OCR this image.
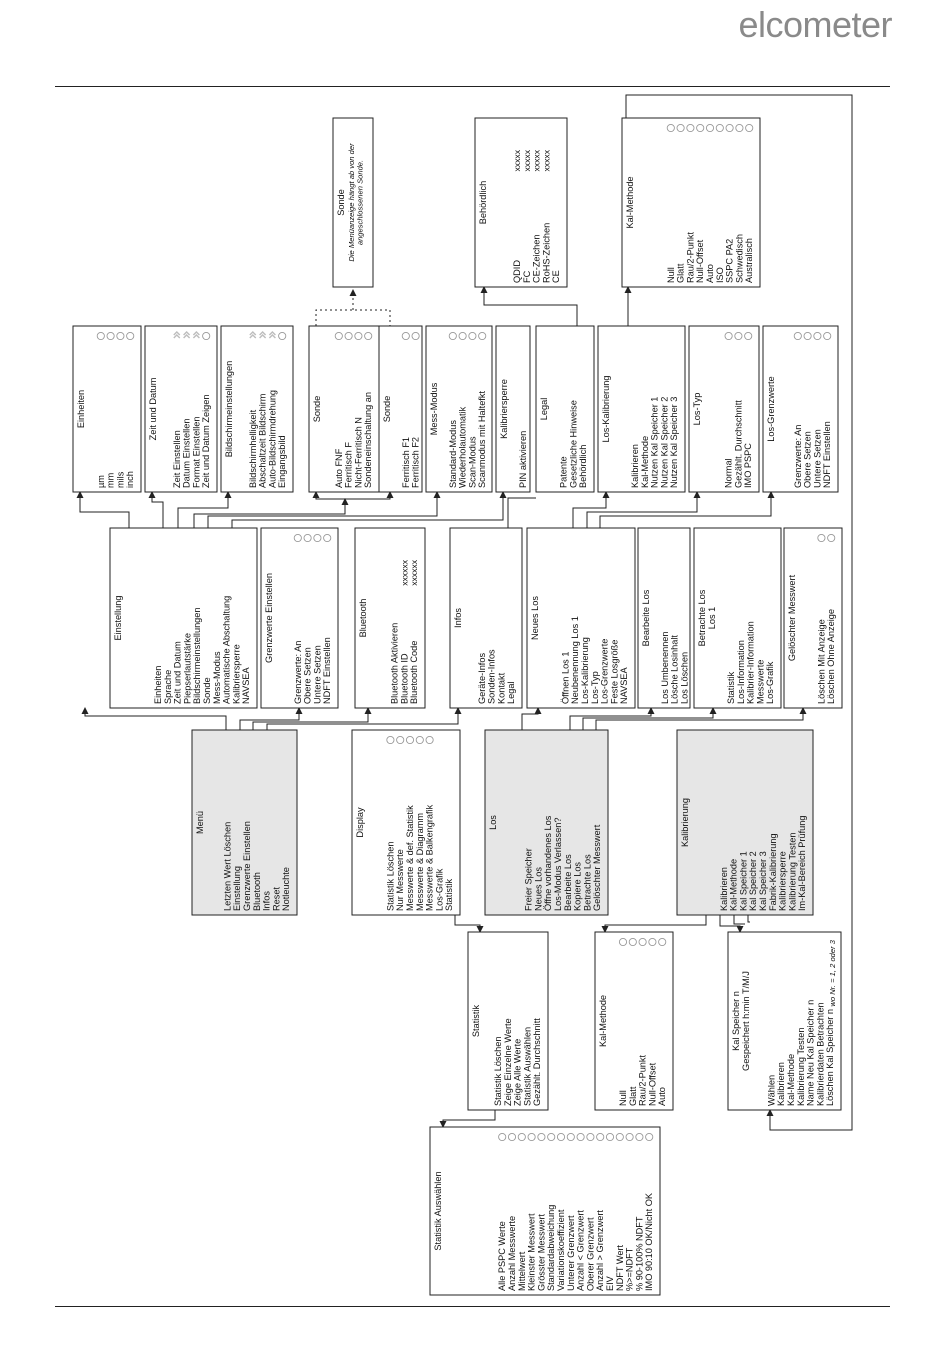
elcometer
Einheiten
µm mm mils inch
Zeit und Datum
Zeit Einstellen Datum Einstellen Format Einstellen Zeit und Datum Zeigen Bildschirmeinstellungen Bildschirmhelligkeit Abschaltzeit Bildschirm Auto-Bildschirmdrehung Eingangsbild
Sonde
Auto FNF Ferritisch F Nicht-Ferritisch N Sondeneinschaltung an Sonde
Ferritisch F1 Ferritisch F2
Sonde Die Menüanzeige hängt ab von der angeschlossenen Sonde.
Mess-Modus
Standard-Modus Wiederholautomatik Scan-Modus Scanmodus mit Haltefkt Kalibriersperre
PIN aktivieren
Legal
Patente Gesetzliche Hinweise Behördlich
Behördlich
QDID
xxxxx
FC
xxxxx
CE-Zeichen
xxxxx
RoHS-Zeichen
xxxxx
CE
Los-Kalibrierung
Kalibrieren Kal-Methode Nutzen Kal Speicher 1 Nutzen Kal Speicher 2 Nutzen Kal Speicher 3
Kal-Methode
Null Glatt Rau/2-Punkt Null-Offset Auto ISO SSPC PA2 Schwedisch Australisch
Los-Typ
Normal Gezählt. Durchschnitt IMO PSPC
Los-Grenzwerte
Grenzwerte: An Obere Setzen Untere Setzen NDFT Einstellen
Einstellung
Einheiten Sprache Zeit und Datum Piepserlautstärke Bildschirmeinstellungen Sonde Mess-Modus Automatische Abschaltung Kalibriersperre NAVSEA
Grenzwerte Einstellen
Grenzwerte: An Obere Setzen Untere Setzen NDFT Einstellen
Bluetooth
Bluetooth Aktivieren Bluetooth ID
xxxxxx
Bluetooth Code
xxxxxx
Infos
Geräte-Infos Sonden-Infos Kontakt Legal
Neues Los
Öffnen Los 1 Neubenennung Los 1 Los-Kalibrierung Los-Typ Los-Grenzwerte Feste Losgröße NAVSEA
Bearbeite Los
Los Umbenennen Lösche Losinhalt Los Löschen
Betrachte Los Los 1
Statistik Los-Information Kalibrier-Information Messwerte Los-Grafik
Gelöschter Messwert
Löschen Mit Anzeige Löschen Ohne Anzeige
Menü Letzten Wert Löschen Einstellung Grenzwerte Einstellen Bluetooth Infos Reset Notleuchte
Display
Statistik Löschen Nur Messwerte Messwerte & def. Statistik Messwerte & Diagramm Messwerte & Balkengrafik Los-Grafik Statistik
Los
Freier Speicher Neues Los Öffne vorhandenes Los Los-Modus Verlassen? Bearbeite Los Kopiere Los Betrachte Los Gelöschter Messwert
Kalibrierung
Kalibrieren Kal-Methode Kal Speicher 1 Kal Speicher 2 Kal Speicher 3 Fabrik-Kalibrierung Kalibriersperre Kalibrierung Testen Im-Kal-Bereich Prüfung
Statistik
Statistik Löschen Zeige Einzelne Werte Zeige Alle Werte Statistik Auswählen Gezählt. Durchschnitt	Kal-Methode
Null Glatt Rau/2-Punkt Null-Offset Auto
Kal Speicher n Gespeichert h:min T/M/J
Wählen Kalibrieren Kal-Methode Kalibrierung Testen Name Neu Kal Speicher n Kalibrierdaten Betrachten Löschen Kal Speicher n
wo Nr. = 1, 2 oder 3
Statistik Auswählen
Alle PSPC Werte Anzahl Messwerte Mittelwert Kleinster Messwert Grösster Messwert Standardabweichung Variationskoeffizient Unterer Grenzwert Anzahl < Grenzwert Oberer Grenzwert Anzahl > Grenzwert EIV NDFT Wert %>=NDFT % 90-100% NDFT IMO 90:10 OK/Nicht OK
